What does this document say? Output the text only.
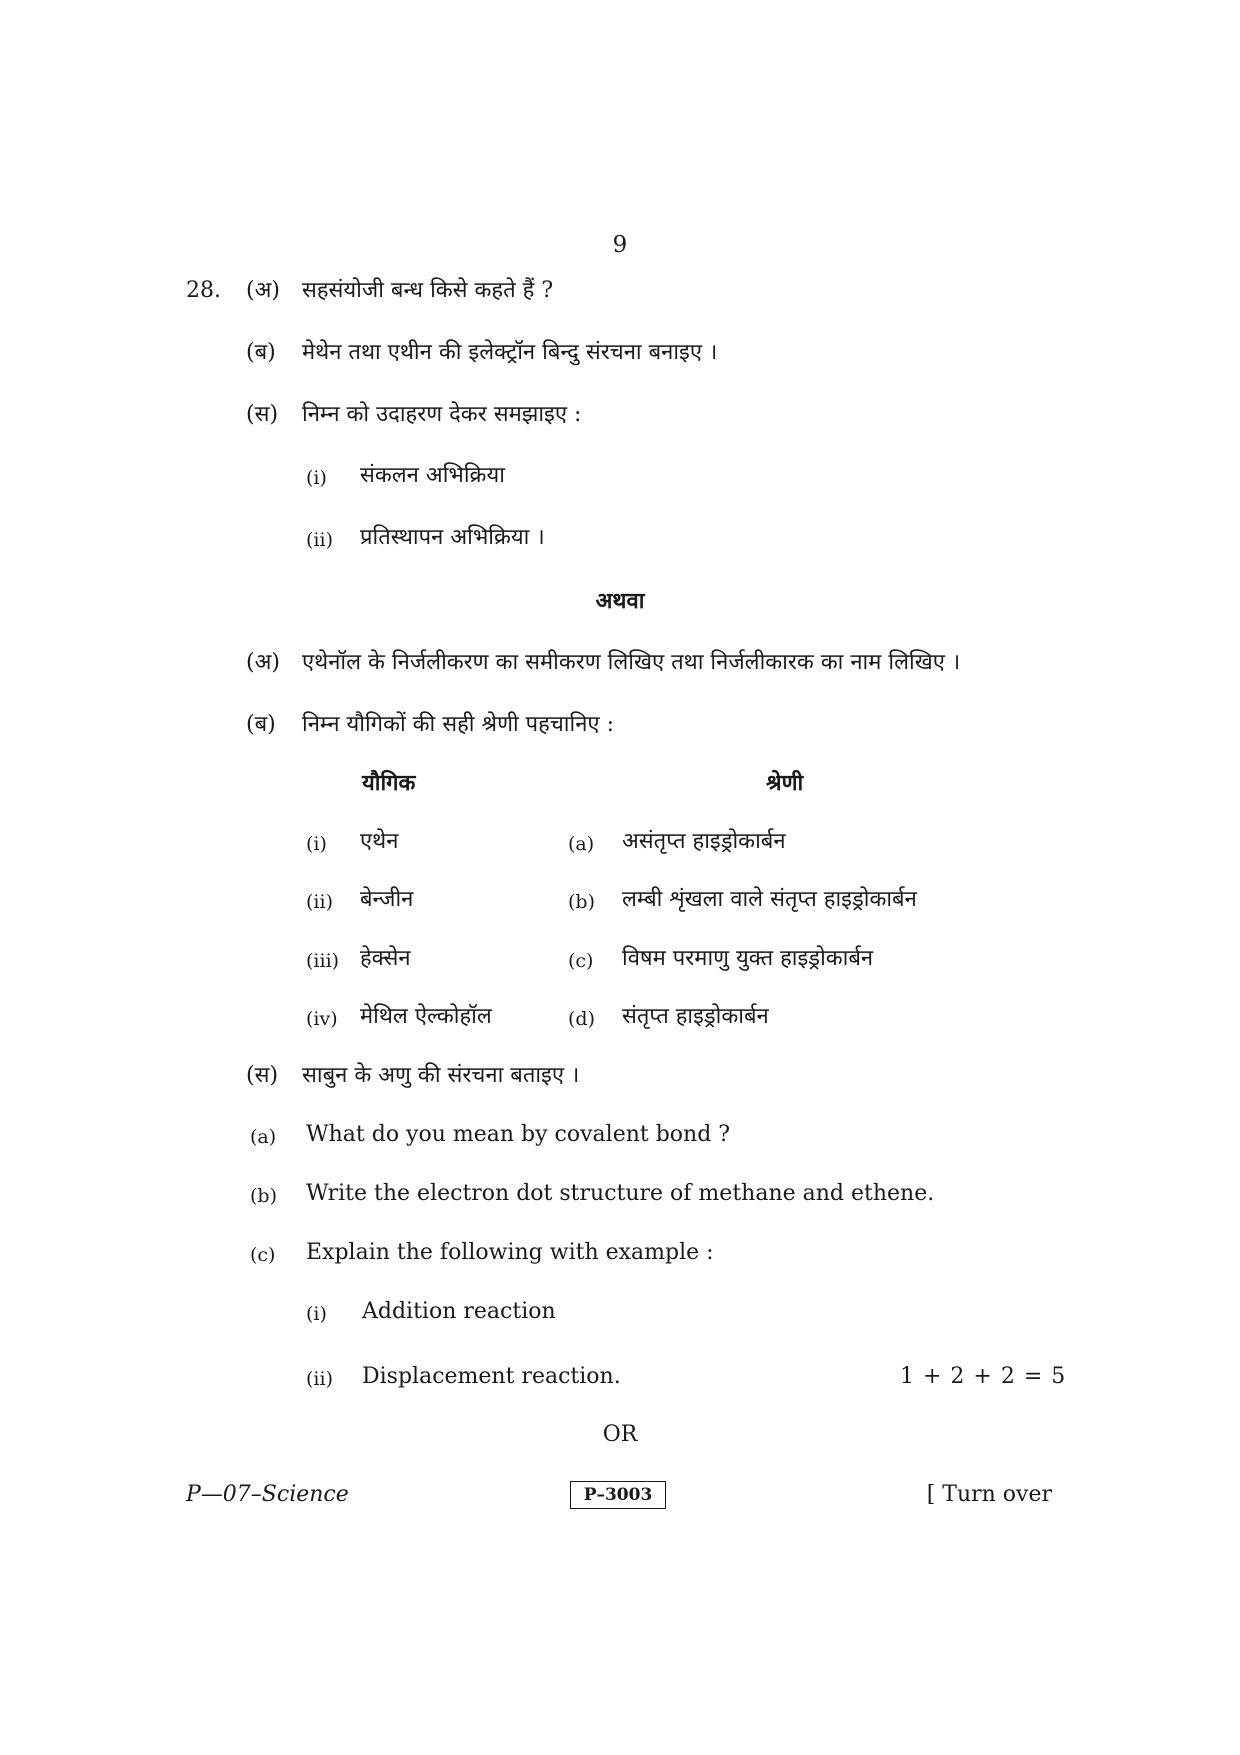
9
28. (अ) सहसंयोजी बन्ध किसे कहते हैं ?
(ब) मेथेन तथा एथीन की इलेक्ट्रॉन बिन्दु संरचना बनाइए ।
(स) निम्न को उदाहरण देकर समझाइए :
(i) संकलन अभिक्रिया
(ii) प्रतिस्थापन अभिक्रिया ।
अथवा
(अ) एथेनॉल के निर्जलीकरण का समीकरण लिखिए तथा निर्जलीकारक का नाम लिखिए ।
(ब) निम्न यौगिकों की सही श्रेणी पहचानिए :
यौगिक	श्रेणी
(i) एथेन	(a) असंतृप्त हाइड्रोकार्बन
(ii) बेन्जीन	(b) लम्बी शृंखला वाले संतृप्त हाइड्रोकार्बन
(iii) हेक्सेन	(c) विषम परमाणु युक्त हाइड्रोकार्बन
(iv) मेथिल ऐल्कोहॉल	(d) संतृप्त हाइड्रोकार्बन
(स) साबुन के अणु की संरचना बताइए ।
(a) What do you mean by covalent bond ?
(b) Write the electron dot structure of methane and ethene.
(c) Explain the following with example :
(i) Addition reaction
(ii) Displacement reaction.	1 + 2 + 2 = 5
OR
P—07–Science	P–3003	[ Turn over
